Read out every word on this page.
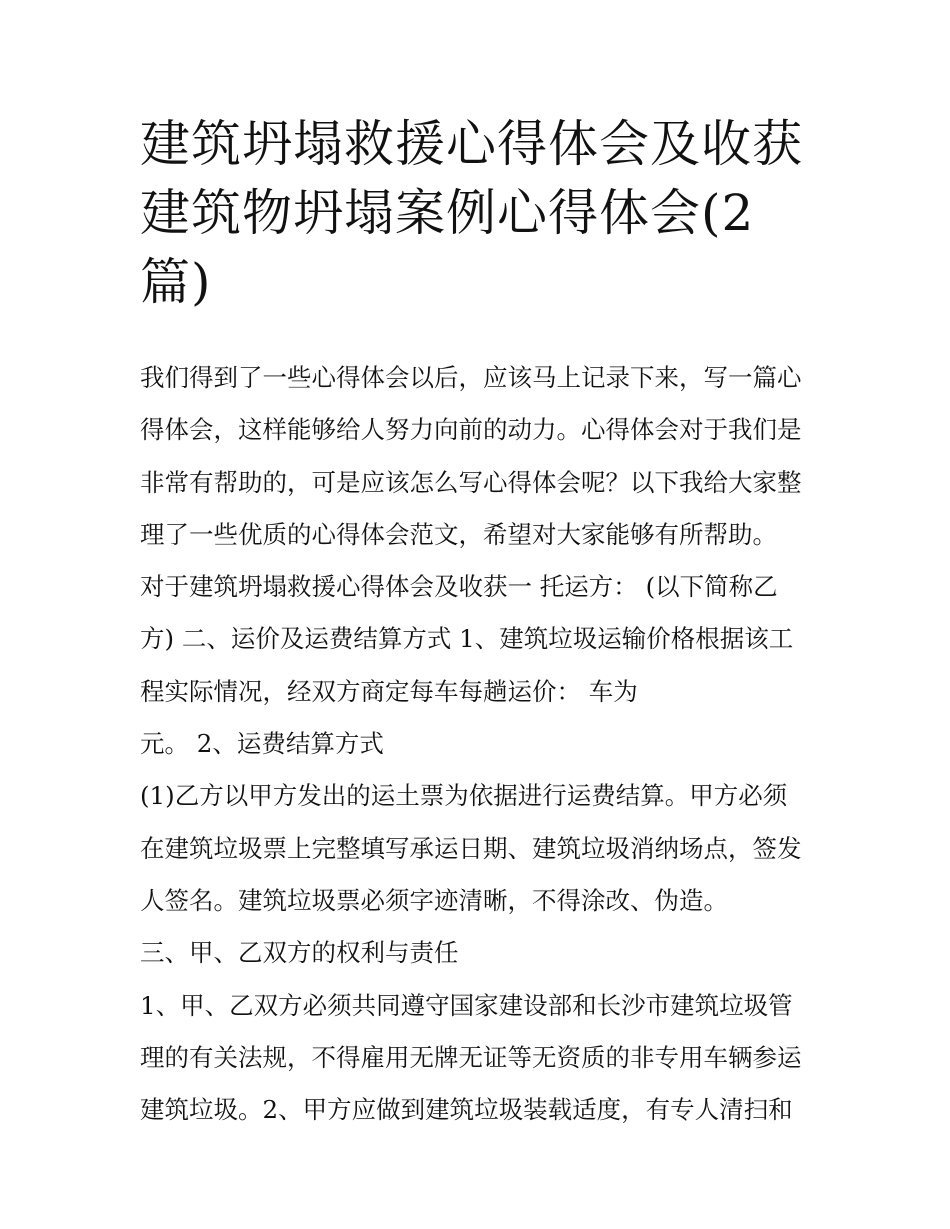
建筑坍塌救援心得体会及收获
建筑物坍塌案例心得体会(2
篇)
我们得到了一些心得体会以后，应该马上记录下来，写一篇心
得体会，这样能够给人努力向前的动力。心得体会对于我们是
非常有帮助的，可是应该怎么写心得体会呢？以下我给大家整
理了一些优质的心得体会范文，希望对大家能够有所帮助。
对于建筑坍塌救援心得体会及收获一 托运方： (以下简称乙
方) 二、运价及运费结算方式 1、建筑垃圾运输价格根据该工
程实际情况，经双方商定每车每趟运价： 车为
元。 2、运费结算方式
(1)乙方以甲方发出的运土票为依据进行运费结算。甲方必须
在建筑垃圾票上完整填写承运日期、建筑垃圾消纳场点，签发
人签名。建筑垃圾票必须字迹清晰，不得涂改、伪造。
三、甲、乙双方的权利与责任
1、甲、乙双方必须共同遵守国家建设部和长沙市建筑垃圾管
理的有关法规，不得雇用无牌无证等无资质的非专用车辆参运
建筑垃圾。2、甲方应做到建筑垃圾装载适度，有专人清扫和
